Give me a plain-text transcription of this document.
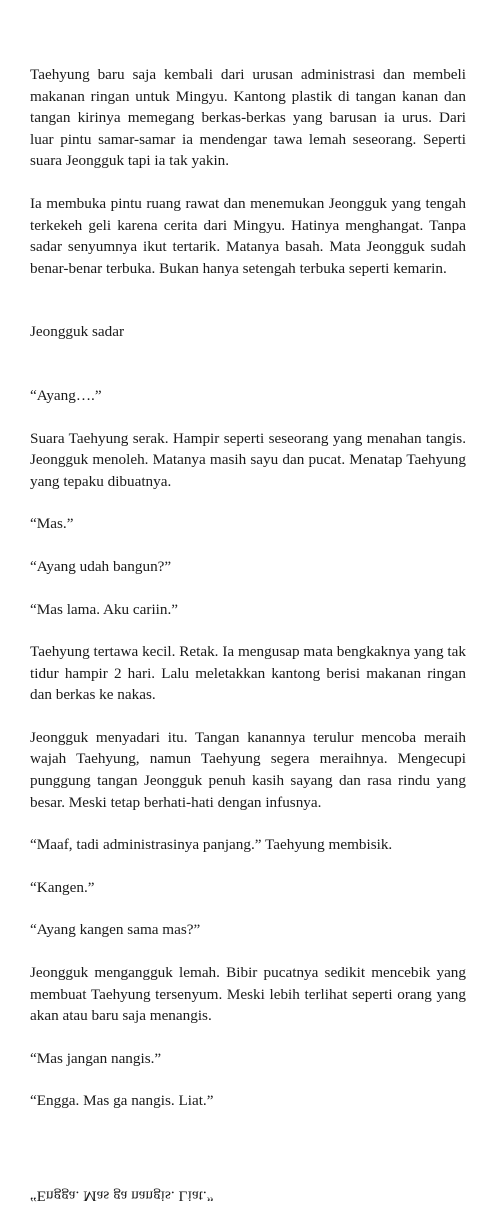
Taehyung baru saja kembali dari urusan administrasi dan membeli makanan ringan untuk Mingyu. Kantong plastik di tangan kanan dan tangan kirinya memegang berkas-berkas yang barusan ia urus. Dari luar pintu samar-samar ia mendengar tawa lemah seseorang. Seperti suara Jeongguk tapi ia tak yakin.

Ia membuka pintu ruang rawat dan menemukan Jeongguk yang tengah terkekeh geli karena cerita dari Mingyu. Hatinya menghangat. Tanpa sadar senyumnya ikut tertarik. Matanya basah. Mata Jeongguk sudah benar-benar terbuka. Bukan hanya setengah terbuka seperti kemarin.

Jeongguk sadar

“Ayang….”

Suara Taehyung serak. Hampir seperti seseorang yang menahan tangis. Jeongguk menoleh. Matanya masih sayu dan pucat. Menatap Taehyung yang tepaku dibuatnya.

“Mas.”

“Ayang udah bangun?”

“Mas lama. Aku cariin.”

Taehyung tertawa kecil. Retak. Ia mengusap mata bengkaknya yang tak tidur hampir 2 hari. Lalu meletakkan kantong berisi makanan ringan dan berkas ke nakas.

Jeongguk menyadari itu. Tangan kanannya terulur mencoba meraih wajah Taehyung, namun Taehyung segera meraihnya. Mengecupi punggung tangan Jeongguk penuh kasih sayang dan rasa rindu yang besar. Meski tetap berhati-hati dengan infusnya.

“Maaf, tadi administrasinya panjang.” Taehyung membisik.

“Kangen.”

“Ayang kangen sama mas?”

Jeongguk mengangguk lemah. Bibir pucatnya sedikit mencebik yang membuat Taehyung tersenyum. Meski lebih terlihat seperti orang yang akan atau baru saja menangis.

“Mas jangan nangis.”

“Engga. Mas ga nangis. Liat.”

“Engga. Mas ga nangis. Liat.”
